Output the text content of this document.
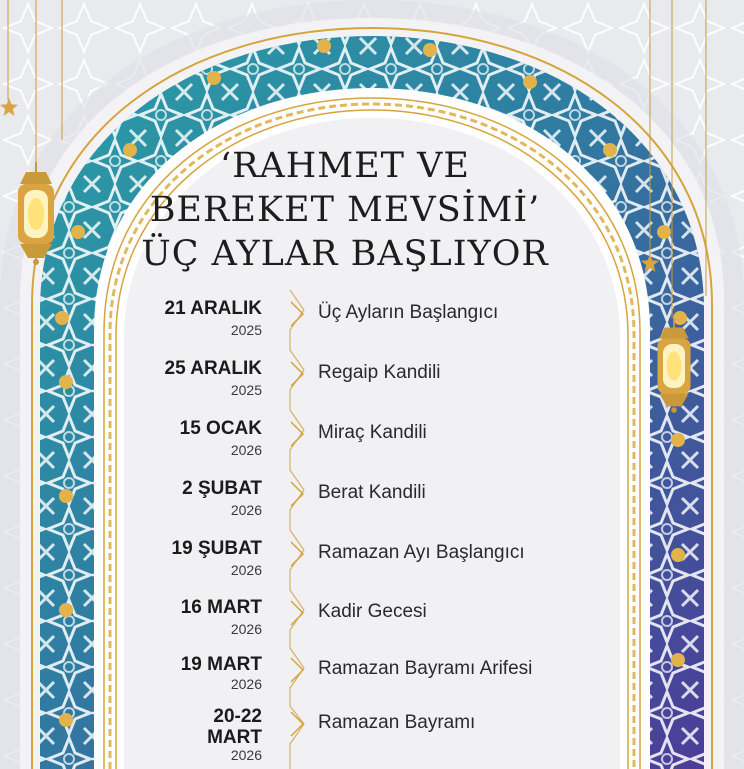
‘RAHMET VE
BEREKET MEVSİMİ’
ÜÇ AYLAR BAŞLIYOR
21 ARALIK
2025
Üç Ayların Başlangıcı
25 ARALIK
2025
Regaip Kandili
15 OCAK
2026
Miraç Kandili
2 ŞUBAT
2026
Berat Kandili
19 ŞUBAT
2026
Ramazan Ayı Başlangıcı
16 MART
2026
Kadir Gecesi
19 MART
2026
Ramazan Bayramı Arifesi
20-22
MART
2026
Ramazan Bayramı
